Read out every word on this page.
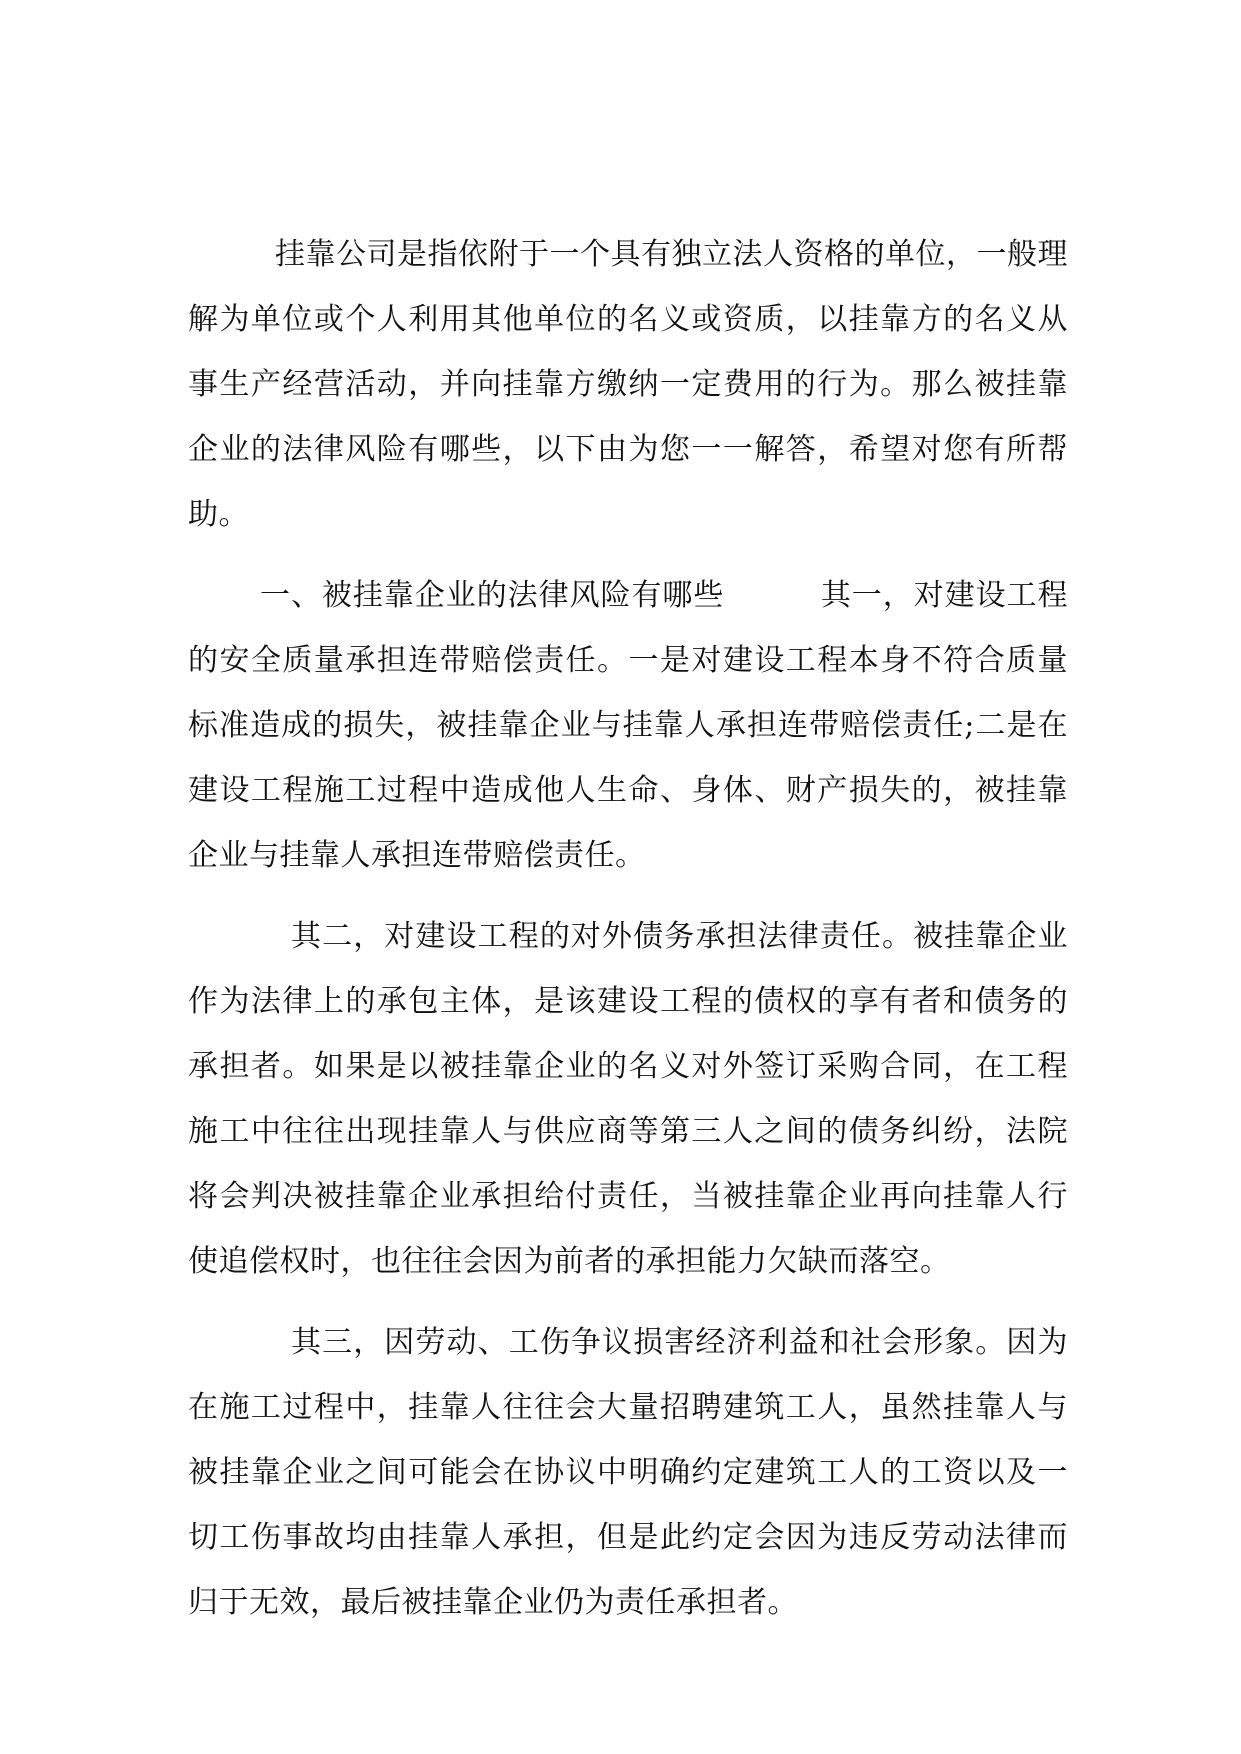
挂靠公司是指依附于一个具有独立法人资格的单位，一般理解为单位或个人利用其他单位的名义或资质，以挂靠方的名义从事生产经营活动，并向挂靠方缴纳一定费用的行为。那么被挂靠企业的法律风险有哪些，以下由为您一一解答，希望对您有所帮助。

一、被挂靠企业的法律风险有哪些	其一，对建设工程的安全质量承担连带赔偿责任。一是对建设工程本身不符合质量标准造成的损失，被挂靠企业与挂靠人承担连带赔偿责任;二是在建设工程施工过程中造成他人生命、身体、财产损失的，被挂靠企业与挂靠人承担连带赔偿责任。

其二，对建设工程的对外债务承担法律责任。被挂靠企业作为法律上的承包主体，是该建设工程的债权的享有者和债务的承担者。如果是以被挂靠企业的名义对外签订采购合同，在工程施工中往往出现挂靠人与供应商等第三人之间的债务纠纷，法院将会判决被挂靠企业承担给付责任，当被挂靠企业再向挂靠人行使追偿权时，也往往会因为前者的承担能力欠缺而落空。

其三，因劳动、工伤争议损害经济利益和社会形象。因为在施工过程中，挂靠人往往会大量招聘建筑工人，虽然挂靠人与被挂靠企业之间可能会在协议中明确约定建筑工人的工资以及一切工伤事故均由挂靠人承担，但是此约定会因为违反劳动法律而归于无效，最后被挂靠企业仍为责任承担者。
